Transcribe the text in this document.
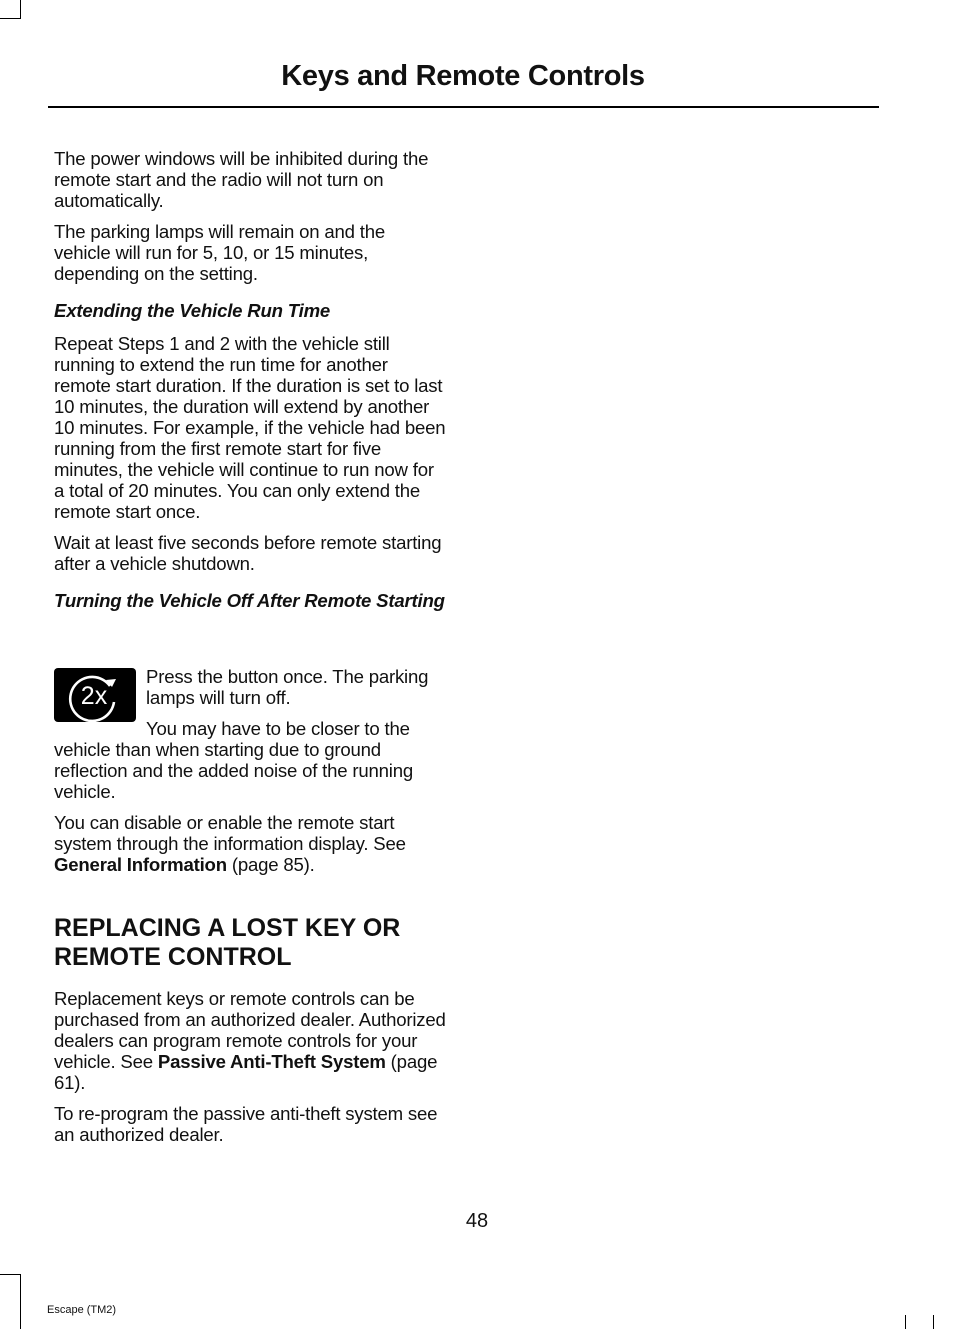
Keys and Remote Controls

The power windows will be inhibited during the remote start and the radio will not turn on automatically.

The parking lamps will remain on and the vehicle will run for 5, 10, or 15 minutes, depending on the setting.

Extending the Vehicle Run Time

Repeat Steps 1 and 2 with the vehicle still running to extend the run time for another remote start duration. If the duration is set to last 10 minutes, the duration will extend by another 10 minutes. For example, if the vehicle had been running from the first remote start for five minutes, the vehicle will continue to run now for a total of 20 minutes. You can only extend the remote start once.

Wait at least five seconds before remote starting after a vehicle shutdown.

Turning the Vehicle Off After Remote Starting

2x

Press the button once. The parking lamps will turn off.

You may have to be closer to the vehicle than when starting due to ground reflection and the added noise of the running vehicle.

You can disable or enable the remote start system through the information display. See General Information (page 85).

REPLACING A LOST KEY OR
REMOTE CONTROL

Replacement keys or remote controls can be purchased from an authorized dealer. Authorized dealers can program remote controls for your vehicle. See Passive Anti-Theft System (page 61).

To re-program the passive anti-theft system see an authorized dealer.

48
Escape (TM2)
